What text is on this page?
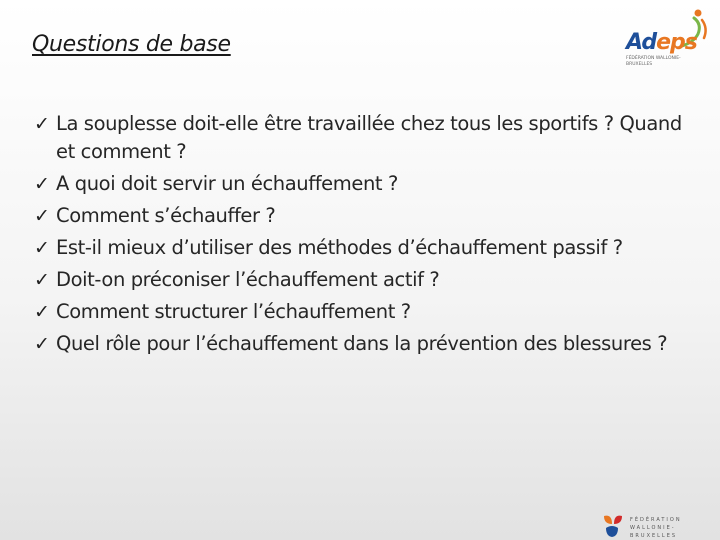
Questions de base	Adeps
FÉDÉRATION WALLONIE-BRUXELLES
✓ La souplesse doit-elle être travaillée chez tous les sportifs ? Quand et comment ?
✓ A quoi doit servir un échauffement ?
✓ Comment s’échauffer ?
✓ Est-il mieux d’utiliser des méthodes d’échauffement passif ?
✓ Doit-on préconiser l’échauffement actif ?
✓ Comment structurer l’échauffement ?
✓ Quel rôle pour l’échauffement dans la prévention des blessures ?
FÉDÉRATION
WALLONIE-BRUXELLES
